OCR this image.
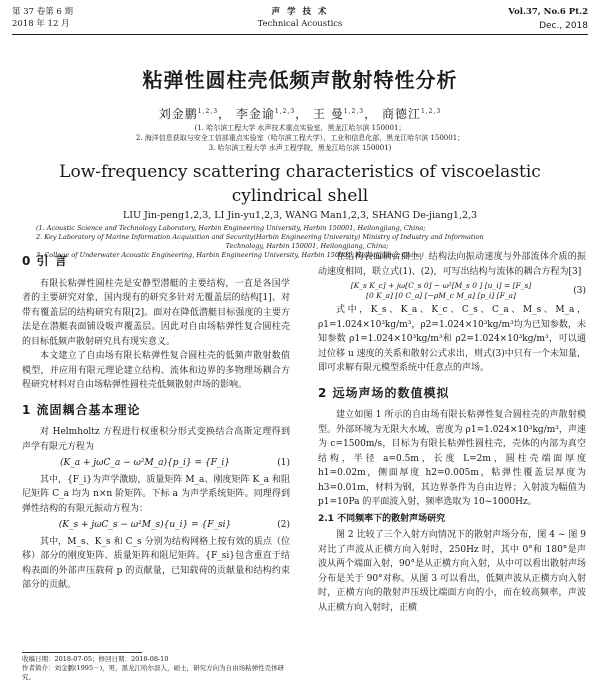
第 37 卷第 6 期
2018 年 12 月
声 学 技 术
Technical Acoustics
Vol.37, No.6 Pt.2
Dec., 2018
粘弹性圆柱壳低频声散射特性分析
刘金鹏$^{1,2,3}$， 李金谕$^{1,2,3}$， 王 曼$^{1,2,3}$， 商德江$^{1,2,3}$
(1. 哈尔滨工程大学 水声技术重点实验室，黑龙江哈尔滨 150001；
2. 海洋信息获取与安全工信部重点实验室（哈尔滨工程大学），工业和信息化部，黑龙江哈尔滨 150001；
3. 哈尔滨工程大学 水声工程学院，黑龙江哈尔滨 150001)
Low-frequency scattering characteristics of viscoelastic
cylindrical shell
LIU Jin-peng1,2,3, LI Jin-yu1,2,3, WANG Man1,2,3, SHANG De-jiang1,2,3
(1. Acoustic Science and Technology Laboratory, Harbin Engineering University, Harbin 150001, Heilongjiang, China;
2. Key Laboratory of Marine Information Acquisition and Security(Harbin Engineering University) Ministry of Industry and Information
Technology, Harbin 150001, Heilongjiang, China;
3. College of Underwater Acoustic Engineering, Harbin Engineering University, Harbin 150001, Heilongjiang, China)
0 引 言

有限长粘弹性圆柱壳是安静型潜艇的主要结构，一直是各国学者的主要研究对象，国内现有的研究多针对无覆盖层的结构[1]、对带有覆盖层的结构研究有限[2]。面对在降低潜艇目标强度的主要方法是在潜艇表面铺设吸声覆盖层。因此对自由场粘弹性复合圆柱壳的目标低频声散射研究具有现实意义。

本文建立了自由场有限长粘弹性复合圆柱壳的低频声散射数值模型，并应用有限元理论建立结构、流体和边界的多物理场耦合方程研究材料对自由场粘弹性圆柱壳低频散射声场的影响。

1 流固耦合基本理论

对 Helmholtz 方程进行权重积分形式变换结合高斯定理得到声学有限元方程为

(K_a + jωC_a − ω²M_a){p_i} = {F_i}	(1)

其中，{F_i}为声学激励，质量矩阵 M_a、刚度矩阵 K_a 和阻尼矩阵 C_a 均为 n×n 阶矩阵。下标 a 为声学系统矩阵。同理得到弹性结构的有限元振动方程为：

(K_s + jωC_s − ω²M_s){u_i} = {F_si}	(2)

其中，M_s、K_s 和 C_s 分别为结构网格上按有效的质点（位移）部分的刚度矩阵、质量矩阵和阻尼矩阵。{F_si}包含重直于结构表面的外部声压载荷 p 的贡献量，已知载荷的贡献量和结构约束部分的贡献。

在结构表面耦合面上，结构法向振动速度与外部流体介质的振动速度相同，联立式(1)、(2)，可写出结构与流体的耦合方程为[3]

[K_s K_c] + jω[C_s 0] − ω²[M_s 0 ] [u_i] = [F_s]
[0 K_a] [0 C_a] [−ρM_c M_a] [p_i] [F_a]	(3)

式中，K_s、K_a、K_c、C_s、C_a、M_s、M_a，ρ1=1.024×10³kg/m³，ρ2=1.024×10³kg/m³均为已知参数，未知参数 ρ1=1.024×10³kg/m³和 ρ2=1.024×10³kg/m³，可以通过位移 u 速度的关系和散射公式求出，则式(3)中只有一个未知量，即可求解有限元模型系统中任意点的声场。

2 远场声场的数值模拟

建立如图 1 所示的自由场有限长粘弹性复合圆柱壳的声散射模型。外部环境为无限大水域，密度为 ρ1=1.024×10³kg/m³，声速为 c=1500m/s，目标为有限长粘弹性圆柱壳，壳体的内部为真空结构，半径 a=0.5m，长度 L=2m，圆柱壳端面厚度 h1=0.02m，侧面厚度 h2=0.005m，粘弹性覆盖层厚度为 h3=0.01m，材料为钢，其边界条件为自由边界；入射波为幅值为 p1=10Pa 的平面波入射，频率选取为 10~1000Hz。

2.1 不同频率下的散射声场研究

图 2 比较了三个入射方向情况下的散射声场分布，图 4 ~ 图 9 对比了声波从正横方向入射时，250Hz 时，其中 0°和 180°是声波从两个端面入射，90°是从正横方向入射，从中可以看出散射声场分布是关于 90°对称。从图 3 可以看出，低频声波从正横方向入射时，正横方向的散射声压级比端面方向的小，而在较高频率，声波从正横方向入射时，正横

收稿日期：2018-07-05；修回日期：2018-08-10
作者简介：刘金鹏(1995－)，男，黑龙江哈尔滨人，硕士，研究方向为自由场粘弹性壳体研究。
